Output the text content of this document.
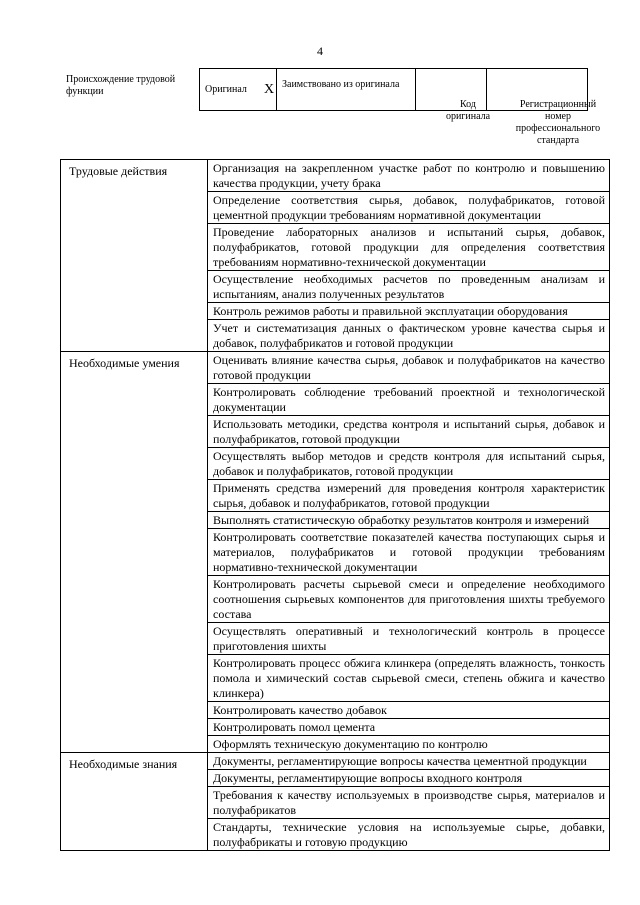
4
Происхождение трудовой функции	Оригинал	X	Заимствовано из оригинала		
Код оригинала
Регистрационный номер профессионального стандарта
Трудовые действия	Организация на закрепленном участке работ по контролю и повышению качества продукции, учету брака
	Определение соответствия сырья, добавок, полуфабрикатов, готовой цементной продукции требованиям нормативной документации
	Проведение лабораторных анализов и испытаний сырья, добавок, полуфабрикатов, готовой продукции для определения соответствия требованиям нормативно-технической документации
	Осуществление необходимых расчетов по проведенным анализам и испытаниям, анализ полученных результатов
	Контроль режимов работы и правильной эксплуатации оборудования
	Учет и систематизация данных о фактическом уровне качества сырья и добавок, полуфабрикатов и готовой продукции
Необходимые умения	Оценивать влияние качества сырья, добавок и полуфабрикатов на качество готовой продукции
	Контролировать соблюдение требований проектной и технологической документации
	Использовать методики, средства контроля и испытаний сырья, добавок и полуфабрикатов, готовой продукции
	Осуществлять выбор методов и средств контроля для испытаний сырья, добавок и полуфабрикатов, готовой продукции
	Применять средства измерений для проведения контроля характеристик сырья, добавок и полуфабрикатов, готовой продукции
	Выполнять статистическую обработку результатов контроля и измерений
	Контролировать соответствие показателей качества поступающих сырья и материалов, полуфабрикатов и готовой продукции требованиям нормативно-технической документации
	Контролировать расчеты сырьевой смеси и определение необходимого соотношения сырьевых компонентов для приготовления шихты требуемого состава
	Осуществлять оперативный и технологический контроль в процессе приготовления шихты
	Контролировать процесс обжига клинкера (определять влажность, тонкость помола и химический состав сырьевой смеси, степень обжига и качество клинкера)
	Контролировать качество добавок
	Контролировать помол цемента
	Оформлять техническую документацию по контролю
Необходимые знания	Документы, регламентирующие вопросы качества цементной продукции
	Документы, регламентирующие вопросы входного контроля
	Требования к качеству используемых в производстве сырья, материалов и полуфабрикатов
	Стандарты, технические условия на используемые сырье, добавки, полуфабрикаты и готовую продукцию
